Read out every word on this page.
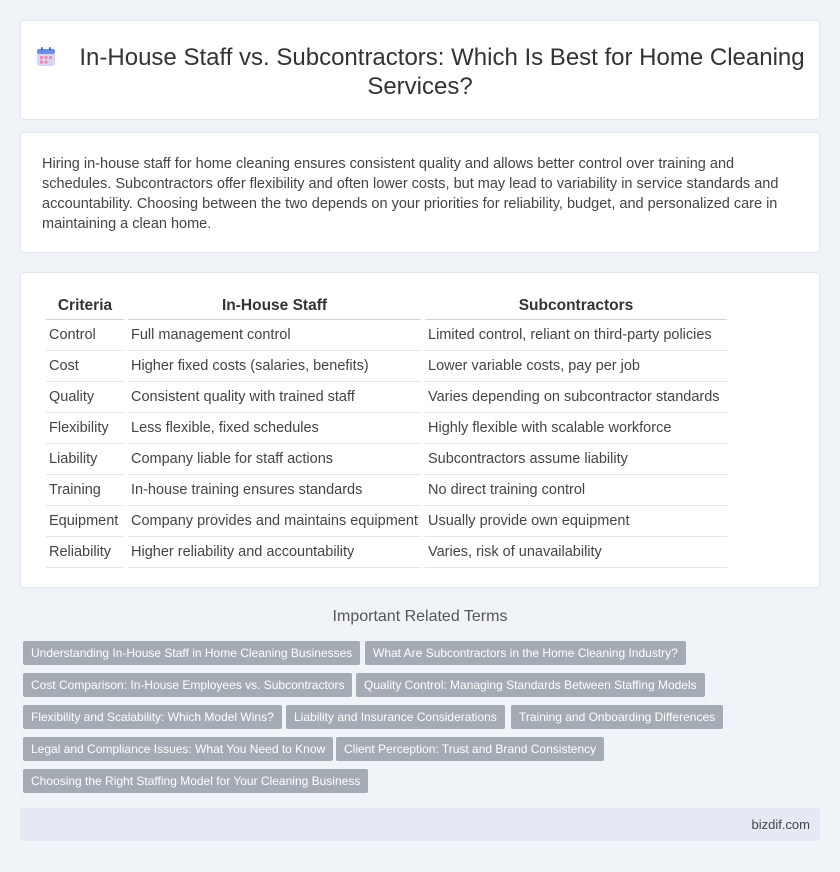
In-House Staff vs. Subcontractors: Which Is Best for Home Cleaning Services?

Hiring in-house staff for home cleaning ensures consistent quality and allows better control over training and schedules. Subcontractors offer flexibility and often lower costs, but may lead to variability in service standards and accountability. Choosing between the two depends on your priorities for reliability, budget, and personalized care in maintaining a clean home.

Criteria	In-House Staff	Subcontractors
Control	Full management control	Limited control, reliant on third-party policies
Cost	Higher fixed costs (salaries, benefits)	Lower variable costs, pay per job
Quality	Consistent quality with trained staff	Varies depending on subcontractor standards
Flexibility	Less flexible, fixed schedules	Highly flexible with scalable workforce
Liability	Company liable for staff actions	Subcontractors assume liability
Training	In-house training ensures standards	No direct training control
Equipment	Company provides and maintains equipment	Usually provide own equipment
Reliability	Higher reliability and accountability	Varies, risk of unavailability
Important Related Terms
Understanding In-House Staff in Home Cleaning Businesses	What Are Subcontractors in the Home Cleaning Industry?
Cost Comparison: In-House Employees vs. Subcontractors	Quality Control: Managing Standards Between Staffing Models
Flexibility and Scalability: Which Model Wins?	Liability and Insurance Considerations	Training and Onboarding Differences
Legal and Compliance Issues: What You Need to Know	Client Perception: Trust and Brand Consistency
Choosing the Right Staffing Model for Your Cleaning Business
bizdif.com
